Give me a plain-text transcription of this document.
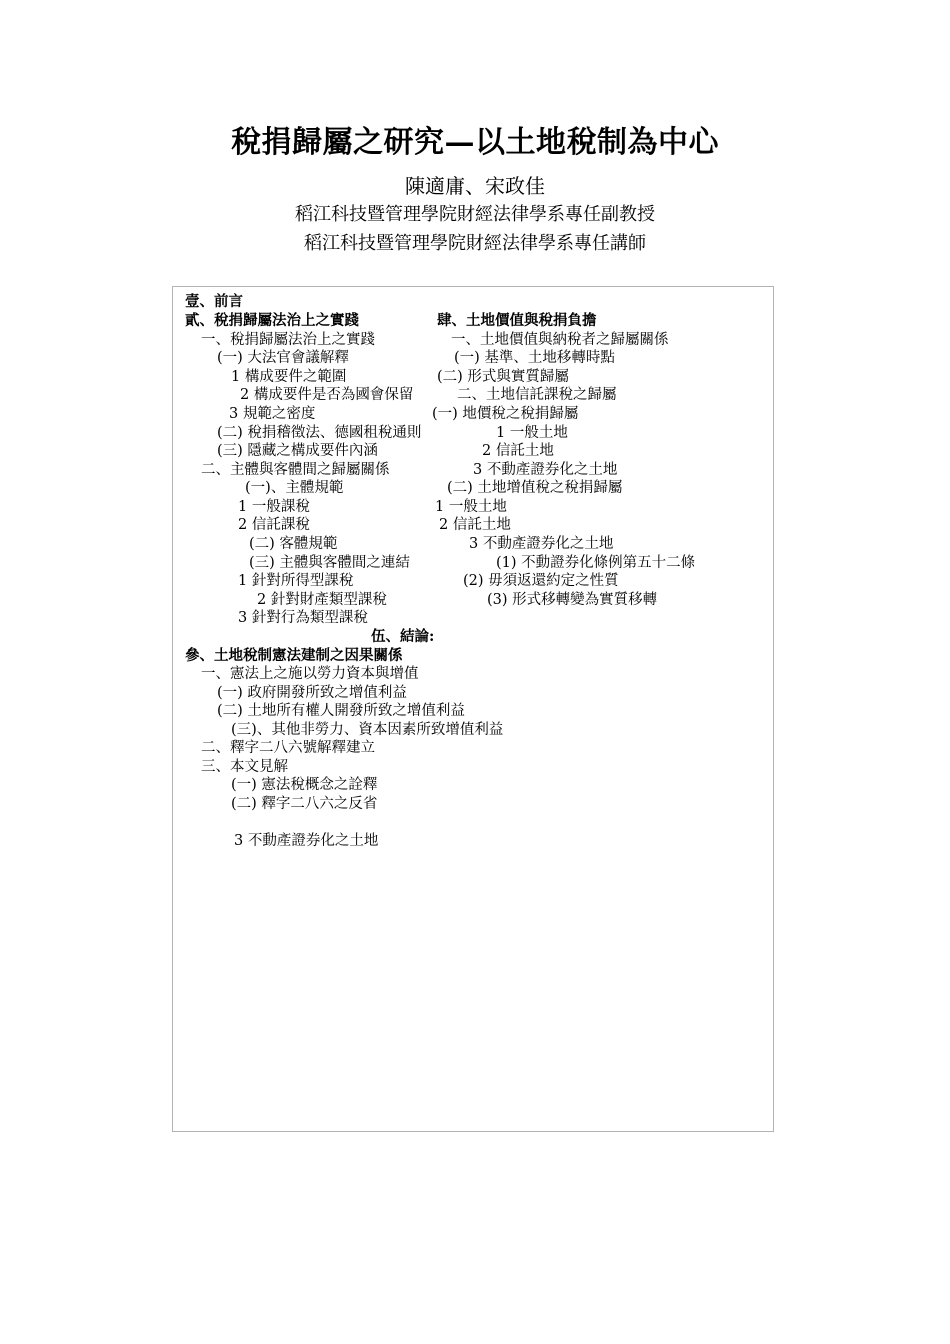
稅捐歸屬之研究—以土地稅制為中心
陳適庸、宋政佳
稻江科技暨管理學院財經法律學系專任副教授
稻江科技暨管理學院財經法律學系專任講師
壹、前言
貳、稅捐歸屬法治上之實踐
一、稅捐歸屬法治上之實踐
(一) 大法官會議解釋
1 構成要件之範圍
2 構成要件是否為國會保留
3 規範之密度
(二) 稅捐稽徵法、德國租稅通則
(三) 隱藏之構成要件內涵
二、主體與客體間之歸屬關係
(一)、主體規範
1 一般課稅
2 信託課稅
(二) 客體規範
(三) 主體與客體間之連結
1 針對所得型課稅
2 針對財產類型課稅
3 針對行為類型課稅
參、土地稅制憲法建制之因果關係
一、憲法上之施以勞力資本與增值
(一) 政府開發所致之增值利益
(二) 土地所有權人開發所致之增值利益
(三)、其他非勞力、資本因素所致增值利益
二、釋字二八六號解釋建立
三、本文見解
(一) 憲法稅概念之詮釋
(二) 釋字二八六之反省
3 不動產證券化之土地
肆、土地價值與稅捐負擔
一、土地價值與納稅者之歸屬關係
(一) 基準、土地移轉時點
(二) 形式與實質歸屬
二、土地信託課稅之歸屬
(一) 地價稅之稅捐歸屬
1 一般土地
2 信託土地
3 不動產證券化之土地
(二) 土地增值稅之稅捐歸屬
1 一般土地
2 信託土地
3 不動產證券化之土地
(1) 不動證券化條例第五十二條
(2) 毋須返還約定之性質
(3) 形式移轉變為實質移轉
伍、結論:
